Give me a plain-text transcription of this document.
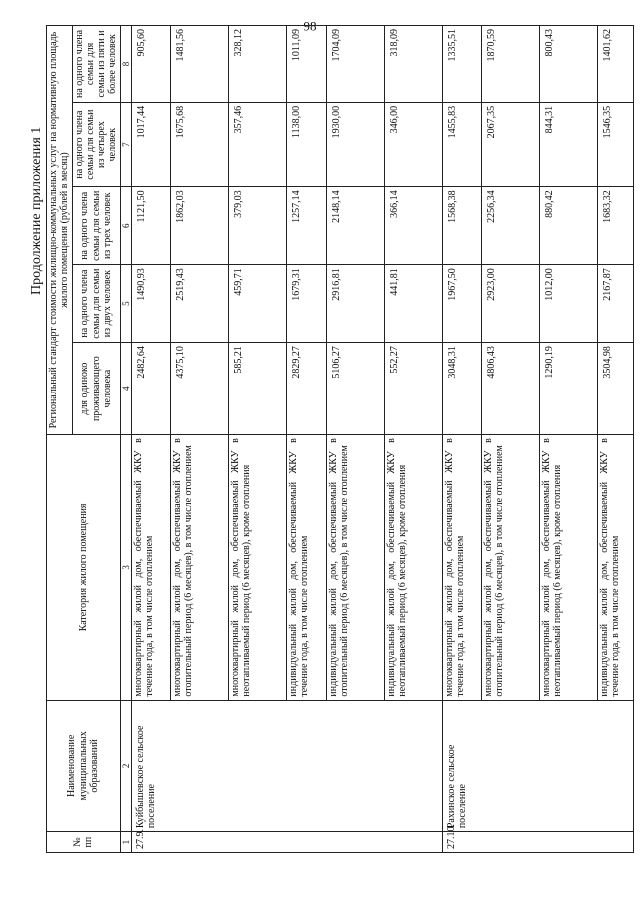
98
Продолжение приложения 1
№ пп	Наименование муниципальных образований	Категория жилого помещения	Региональный стандарт стоимости жилищно-коммунальных услуг на нормативную площадь жилого помещения (рублей в месяц)				
			для одиноко проживающего человека	на одного члена семьи для семьи из двух человек	на одного члена семьи для семьи из трех человек	на одного члена семьи для семьи из четырех человек	на одного члена семьи для семьи из пяти и более человек
1	2	3	4	5	6	7	8
27.9.	Куйбышевское сельское поселение	многоквартирный жилой дом, обеспечиваемый ЖКУ в течение года, в том числе отоплением	2482,64	1490,93	1121,50	1017,44	905,60
		многоквартирный жилой дом, обеспечиваемый ЖКУ в отопительный период (6 месяцев), в том числе отоплением	4375,10	2519,43	1862,03	1675,68	1481,56
		многоквартирный жилой дом, обеспечиваемый ЖКУ в неотапливаемый период (6 месяцев), кроме отопления	585,21	459,71	379,03	357,46	328,12
		индивидуальный жилой дом, обеспечиваемый ЖКУ в течение года, в том числе отоплением	2829,27	1679,31	1257,14	1138,00	1011,09
		индивидуальный жилой дом, обеспечиваемый ЖКУ в отопительный период (6 месяцев), в том числе отоплением	5106,27	2916,81	2148,14	1930,00	1704,09
		индивидуальный жилой дом, обеспечиваемый ЖКУ в неотапливаемый период (6 месяцев), кроме отопления	552,27	441,81	366,14	346,00	318,09
27.10.	Рахинское сельское поселение	многоквартирный жилой дом, обеспечиваемый ЖКУ в течение года, в том числе отоплением	3048,31	1967,50	1568,38	1455,83	1335,51
		многоквартирный жилой дом, обеспечиваемый ЖКУ в отопительный период (6 месяцев), в том числе отоплением	4806,43	2923,00	2256,34	2067,35	1870,59
		многоквартирный жилой дом, обеспечиваемый ЖКУ в неотапливаемый период (6 месяцев), кроме отопления	1290,19	1012,00	880,42	844,31	800,43
		индивидуальный жилой дом, обеспечиваемый ЖКУ в течение года, в том числе отоплением	3504,98	2167,87	1683,32	1546,35	1401,62
